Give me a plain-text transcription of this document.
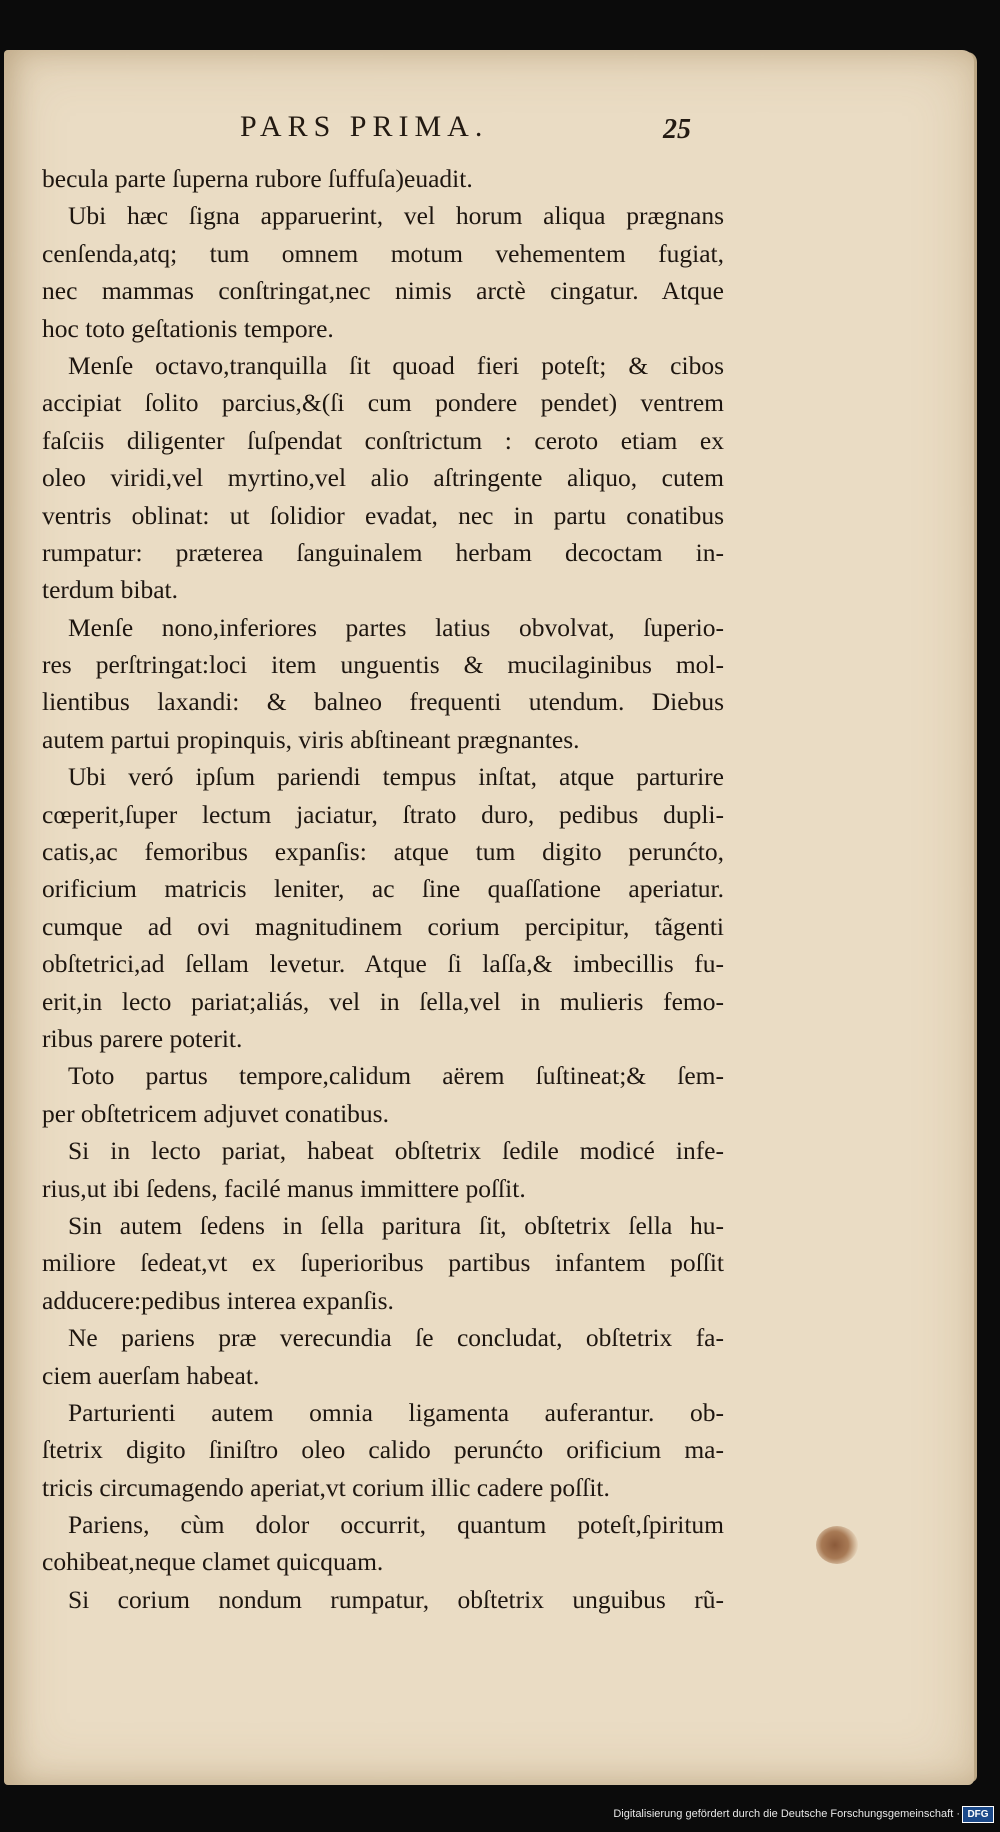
PARS PRIMA.	25
becula parte ſuperna rubore ſuffuſa)euadit.
Ubi hæc ſigna apparuerint, vel horum aliqua prægnans
cenſenda,atq; tum omnem motum vehementem fugiat,
nec mammas conſtringat,nec nimis arctè cingatur. Atque
hoc toto geſtationis tempore.
Menſe octavo,tranquilla ſit quoad fieri poteſt; & cibos
accipiat ſolito parcius,&(ſi cum pondere pendet) ventrem
faſciis diligenter ſuſpendat conſtrictum : ceroto etiam ex
oleo viridi,vel myrtino,vel alio aſtringente aliquo, cutem
ventris oblinat: ut ſolidior evadat, nec in partu conatibus
rumpatur: præterea ſanguinalem herbam decoctam in-
terdum bibat.
Menſe nono,inferiores partes latius obvolvat, ſuperio-
res perſtringat:loci item unguentis & mucilaginibus mol-
lientibus laxandi: & balneo frequenti utendum. Diebus
autem partui propinquis, viris abſtineant prægnantes.
Ubi veró ipſum pariendi tempus inſtat, atque parturire
cœperit,ſuper lectum jaciatur, ſtrato duro, pedibus dupli-
catis,ac femoribus expanſis: atque tum digito perunćto,
orificium matricis leniter, ac ſine quaſſatione aperiatur.
cumque ad ovi magnitudinem corium percipitur, tãgenti
obſtetrici,ad ſellam levetur. Atque ſi laſſa,& imbecillis fu-
erit,in lecto pariat;aliás, vel in ſella,vel in mulieris femo-
ribus parere poterit.
Toto partus tempore,calidum aërem ſuſtineat;& ſem-
per obſtetricem adjuvet conatibus.
Si in lecto pariat, habeat obſtetrix ſedile modicé infe-
rius,ut ibi ſedens, facilé manus immittere poſſit.
Sin autem ſedens in ſella paritura ſit, obſtetrix ſella hu-
miliore ſedeat,vt ex ſuperioribus partibus infantem poſſit
adducere:pedibus interea expanſis.
Ne pariens præ verecundia ſe concludat, obſtetrix fa-
ciem auerſam habeat.
Parturienti autem omnia ligamenta auferantur. ob-
ſtetrix digito ſiniſtro oleo calido perunćto orificium ma-
tricis circumagendo aperiat,vt corium illic cadere poſſit.
Pariens, cùm dolor occurrit, quantum poteſt,ſpiritum
cohibeat,neque clamet quicquam.
Si corium nondum rumpatur, obſtetrix unguibus rũ-
Digitalisierung gefördert durch die Deutsche Forschungsgemeinschaft · DFG
